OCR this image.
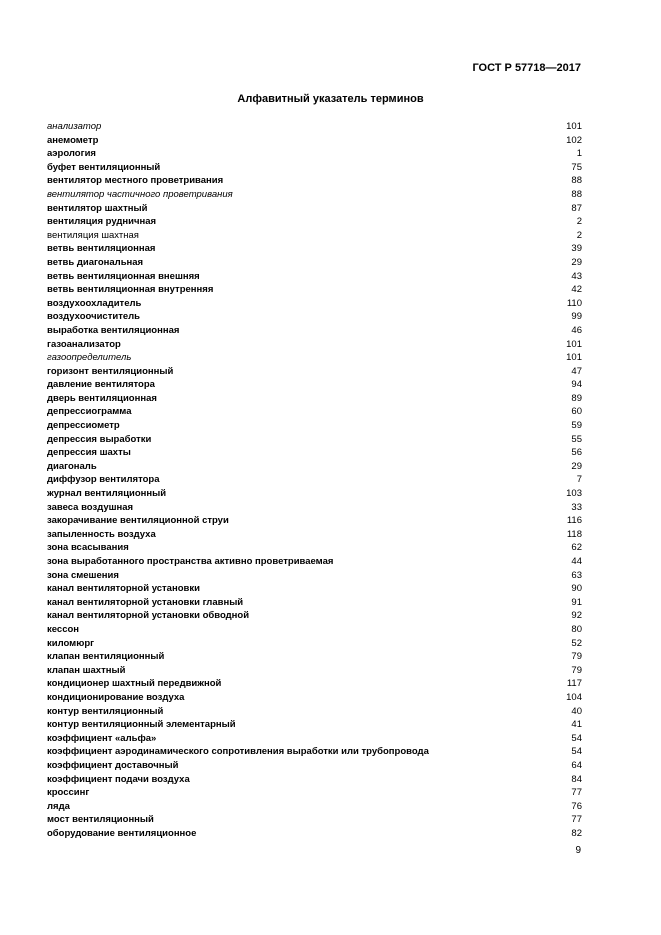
ГОСТ Р 57718—2017
Алфавитный указатель терминов
анализатор	101
анемометр	102
аэрология	1
буфет вентиляционный	75
вентилятор местного проветривания	88
вентилятор частичного проветривания	88
вентилятор шахтный	87
вентиляция рудничная	2
вентиляция шахтная	2
ветвь вентиляционная	39
ветвь диагональная	29
ветвь вентиляционная внешняя	43
ветвь вентиляционная внутренняя	42
воздухоохладитель	110
воздухоочиститель	99
выработка вентиляционная	46
газоанализатор	101
газоопределитель	101
горизонт вентиляционный	47
давление вентилятора	94
дверь вентиляционная	89
депрессиограмма	60
депрессиометр	59
депрессия выработки	55
депрессия шахты	56
диагональ	29
диффузор вентилятора	7
журнал вентиляционный	103
завеса воздушная	33
закорачивание вентиляционной струи	116
запыленность воздуха	118
зона всасывания	62
зона выработанного пространства активно проветриваемая	44
зона смешения	63
канал вентиляторной установки	90
канал вентиляторной установки главный	91
канал вентиляторной установки обводной	92
кессон	80
киломюрг	52
клапан вентиляционный	79
клапан шахтный	79
кондиционер шахтный передвижной	117
кондиционирование воздуха	104
контур вентиляционный	40
контур вентиляционный элементарный	41
коэффициент «альфа»	54
коэффициент аэродинамического сопротивления выработки или трубопровода	54
коэффициент доставочный	64
коэффициент подачи воздуха	84
кроссинг	77
ляда	76
мост вентиляционный	77
оборудование вентиляционное	82
9
